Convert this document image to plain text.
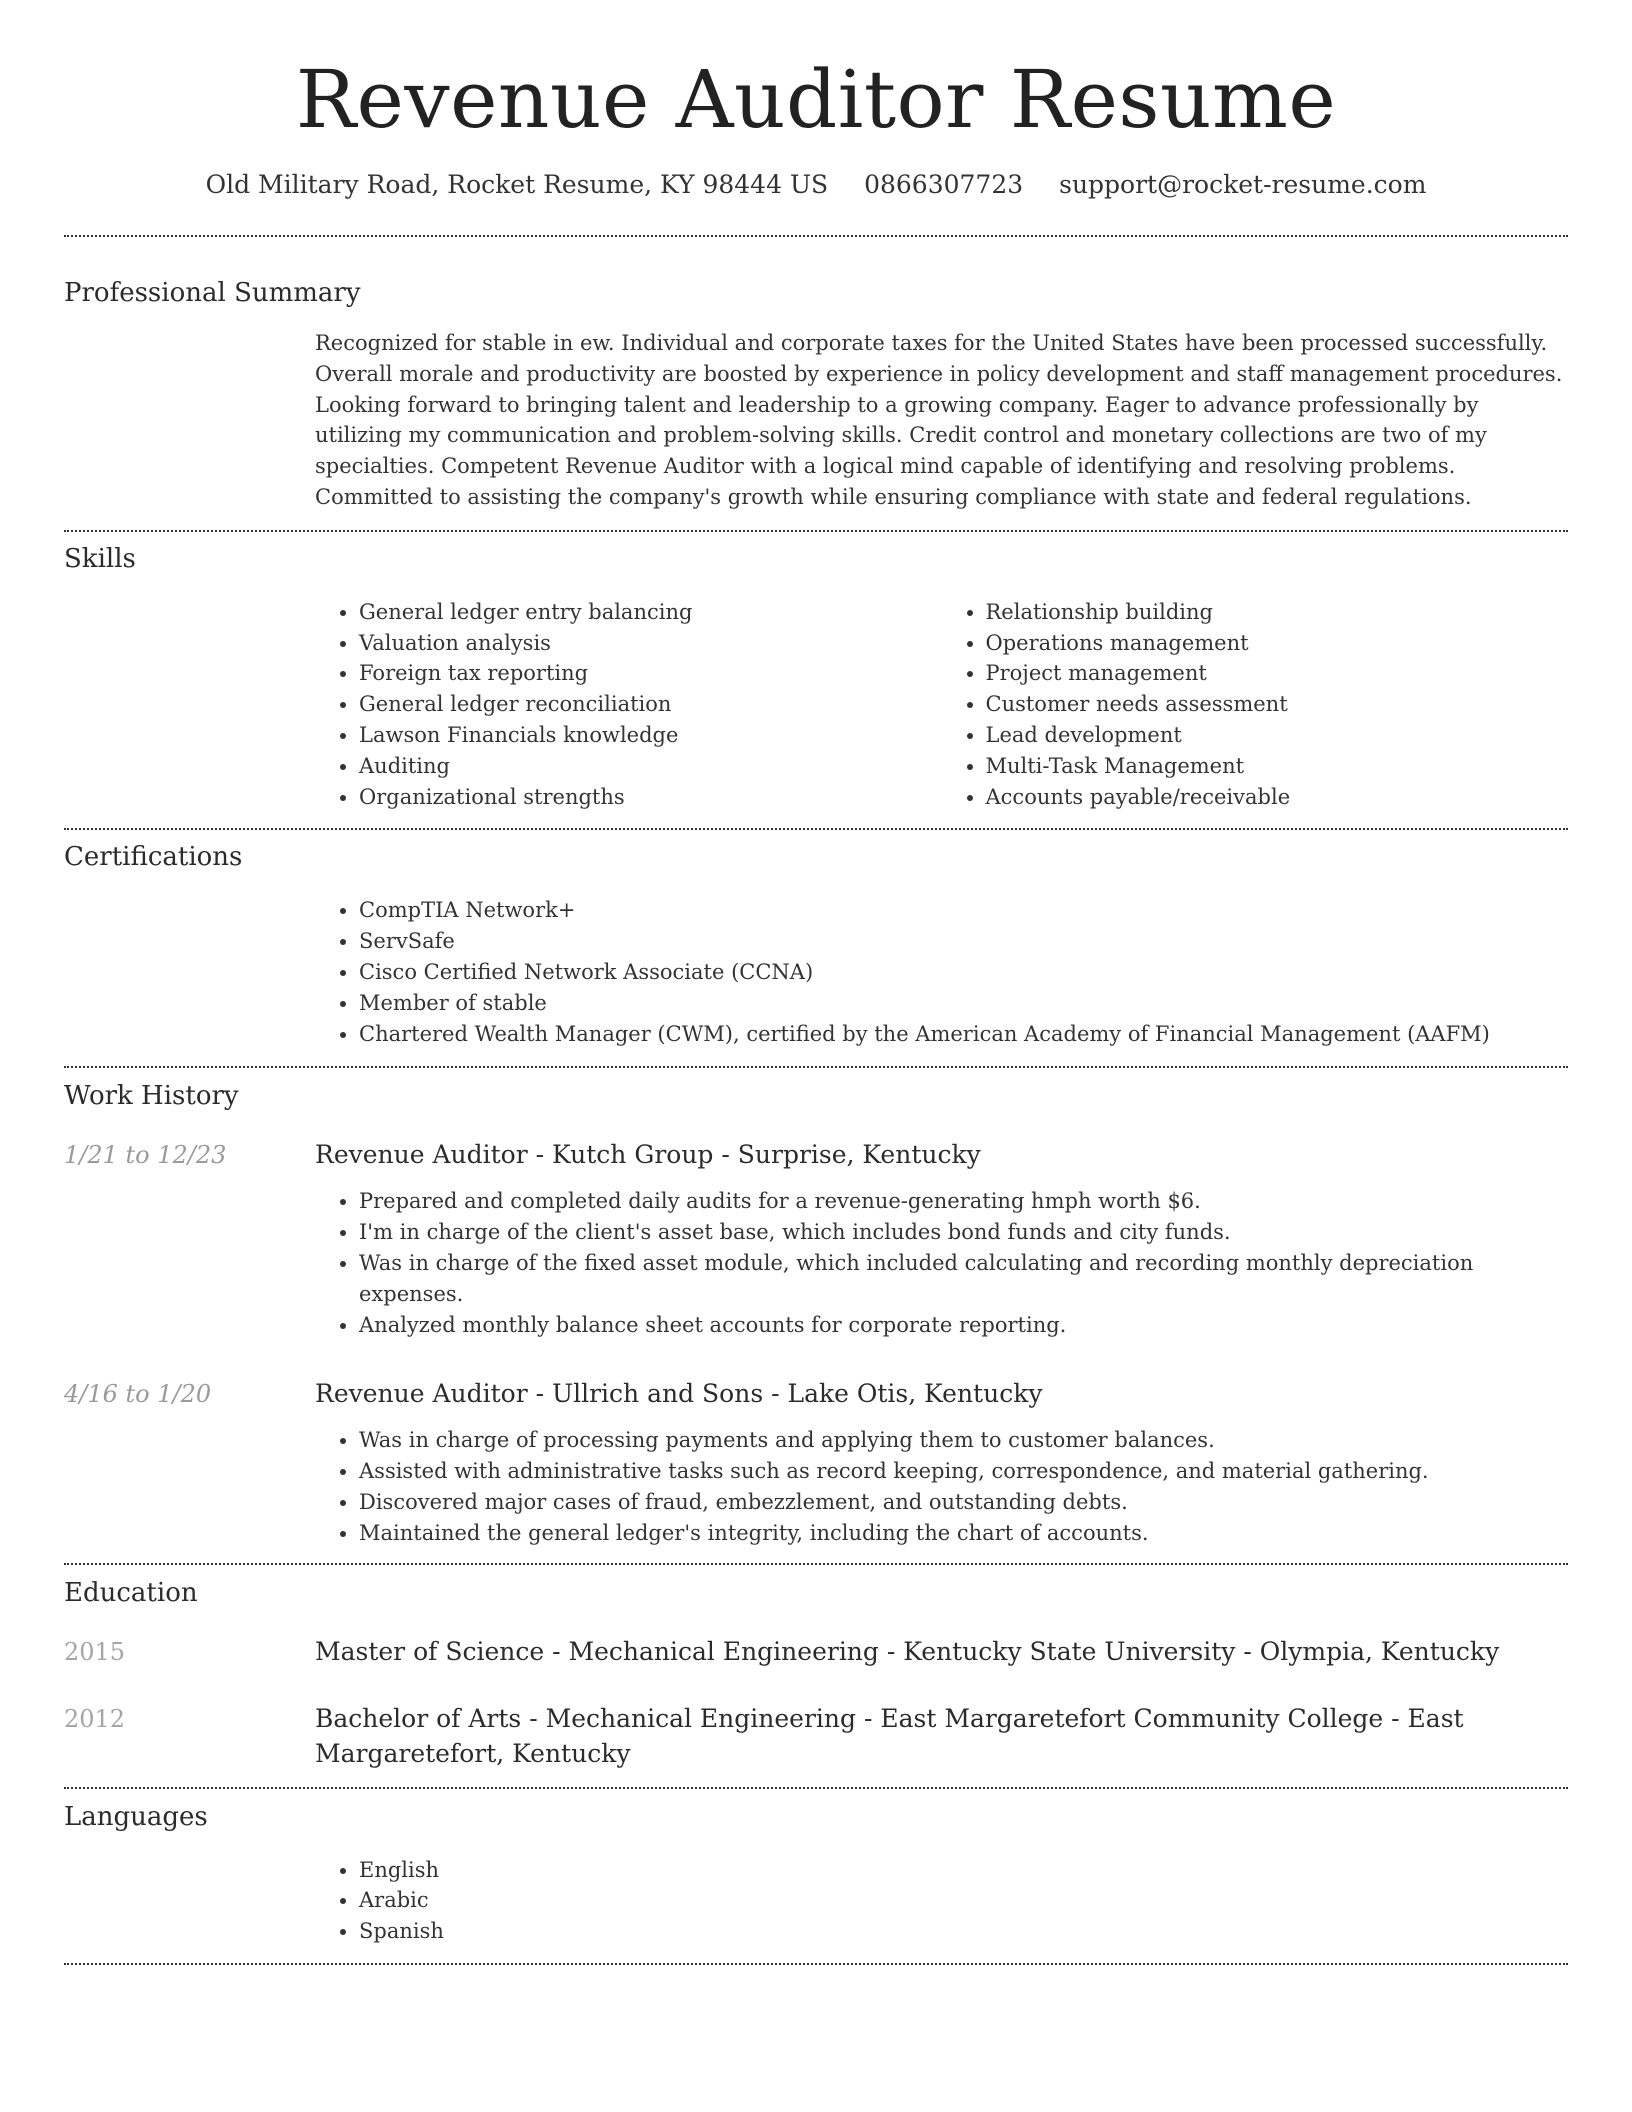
Revenue Auditor Resume
Old Military Road, Rocket Resume, KY 98444 US 0866307723 support@rocket-resume.com
Professional Summary

Recognized for stable in ew. Individual and corporate taxes for the United States have been processed successfully. Overall morale and productivity are boosted by experience in policy development and staff management procedures. Looking forward to bringing talent and leadership to a growing company. Eager to advance professionally by utilizing my communication and problem-solving skills. Credit control and monetary collections are two of my specialties. Competent Revenue Auditor with a logical mind capable of identifying and resolving problems. Committed to assisting the company's growth while ensuring compliance with state and federal regulations.

Skills
• General ledger entry balancing
• Valuation analysis
• Foreign tax reporting
• General ledger reconciliation
• Lawson Financials knowledge
• Auditing
• Organizational strengths
• Relationship building
• Operations management
• Project management
• Customer needs assessment
• Lead development
• Multi-Task Management
• Accounts payable/receivable
Certifications
• CompTIA Network+
• ServSafe
• Cisco Certified Network Associate (CCNA)
• Member of stable
• Chartered Wealth Manager (CWM), certified by the American Academy of Financial Management (AAFM)
Work History
1/21 to 12/23	Revenue Auditor - Kutch Group - Surprise, Kentucky
• Prepared and completed daily audits for a revenue-generating hmph worth $6.
• I'm in charge of the client's asset base, which includes bond funds and city funds.
• Was in charge of the fixed asset module, which included calculating and recording monthly depreciation expenses.
• Analyzed monthly balance sheet accounts for corporate reporting.
4/16 to 1/20	Revenue Auditor - Ullrich and Sons - Lake Otis, Kentucky
• Was in charge of processing payments and applying them to customer balances.
• Assisted with administrative tasks such as record keeping, correspondence, and material gathering.
• Discovered major cases of fraud, embezzlement, and outstanding debts.
• Maintained the general ledger's integrity, including the chart of accounts.
Education
2015	Master of Science - Mechanical Engineering - Kentucky State University - Olympia, Kentucky
2012	Bachelor of Arts - Mechanical Engineering - East Margaretefort Community College - East Margaretefort, Kentucky
Languages
• English
• Arabic
• Spanish
